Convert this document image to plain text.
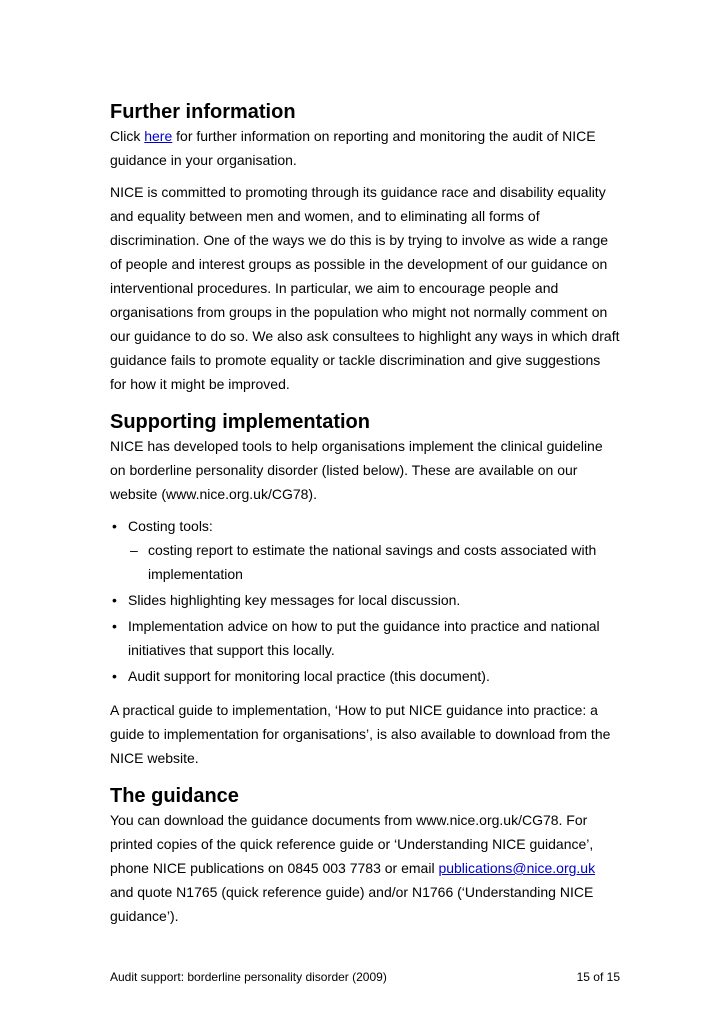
Further information

Click here for further information on reporting and monitoring the audit of NICE guidance in your organisation.

NICE is committed to promoting through its guidance race and disability equality and equality between men and women, and to eliminating all forms of discrimination. One of the ways we do this is by trying to involve as wide a range of people and interest groups as possible in the development of our guidance on interventional procedures. In particular, we aim to encourage people and organisations from groups in the population who might not normally comment on our guidance to do so. We also ask consultees to highlight any ways in which draft guidance fails to promote equality or tackle discrimination and give suggestions for how it might be improved.

Supporting implementation

NICE has developed tools to help organisations implement the clinical guideline on borderline personality disorder (listed below). These are available on our website (www.nice.org.uk/CG78).

• Costing tools:
– costing report to estimate the national savings and costs associated with implementation
• Slides highlighting key messages for local discussion.
• Implementation advice on how to put the guidance into practice and national initiatives that support this locally.
• Audit support for monitoring local practice (this document).

A practical guide to implementation, ‘How to put NICE guidance into practice: a guide to implementation for organisations’, is also available to download from the NICE website.

The guidance

You can download the guidance documents from www.nice.org.uk/CG78. For printed copies of the quick reference guide or ‘Understanding NICE guidance’, phone NICE publications on 0845 003 7783 or email publications@nice.org.uk and quote N1765 (quick reference guide) and/or N1766 (‘Understanding NICE guidance’).

Audit support: borderline personality disorder (2009)	15 of 15
